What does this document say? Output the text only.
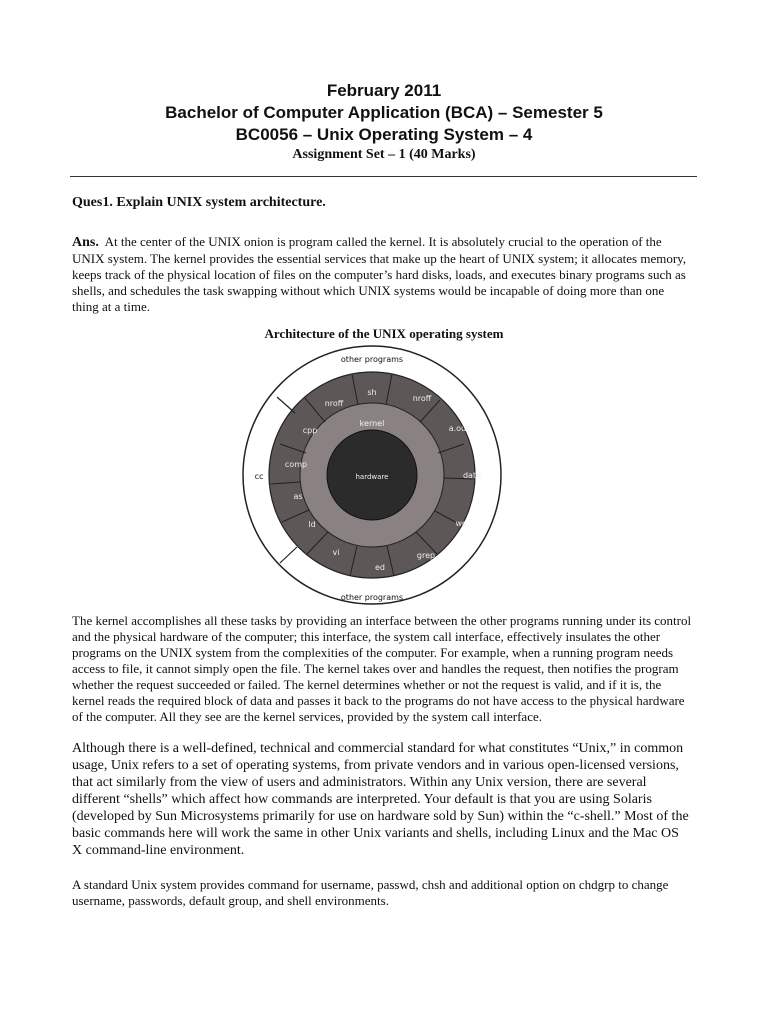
February 2011
Bachelor of Computer Application (BCA) – Semester 5
BC0056 – Unix Operating System – 4
Assignment Set – 1 (40 Marks)
Ques1. Explain UNIX system architecture.

Ans. At the center of the UNIX onion is program called the kernel. It is absolutely crucial to the operation of the UNIX system. The kernel provides the essential services that make up the heart of UNIX system; it allocates memory, keeps track of the physical location of files on the computer’s hard disks, loads, and executes binary programs such as shells, and schedules the task swapping without which UNIX systems would be incapable of doing more than one thing at a time.

Architecture of the UNIX operating system
other programs
other programs
cc
kernel
hardware
sh
nroff
nroff
cpp	a.out
comp
date
as
wc
ld
vi	grep
ed

The kernel accomplishes all these tasks by providing an interface between the other programs running under its control and the physical hardware of the computer; this interface, the system call interface, effectively insulates the other programs on the UNIX system from the complexities of the computer. For example, when a running program needs access to file, it cannot simply open the file. The kernel takes over and handles the request, then notifies the program whether the request succeeded or failed. The kernel determines whether or not the request is valid, and if it is, the kernel reads the required block of data and passes it back to the programs do not have access to the physical hardware of the computer. All they see are the kernel services, provided by the system call interface.

Although there is a well-defined, technical and commercial standard for what constitutes “Unix,” in common usage, Unix refers to a set of operating systems, from private vendors and in various open-licensed versions, that act similarly from the view of users and administrators. Within any Unix version, there are several different “shells” which affect how commands are interpreted. Your default is that you are using Solaris (developed by Sun Microsystems primarily for use on hardware sold by Sun) within the “c-shell.” Most of the basic commands here will work the same in other Unix variants and shells, including Linux and the Mac OS X command-line environment.

A standard Unix system provides command for username, passwd, chsh and additional option on chdgrp to change username, passwords, default group, and shell environments.
